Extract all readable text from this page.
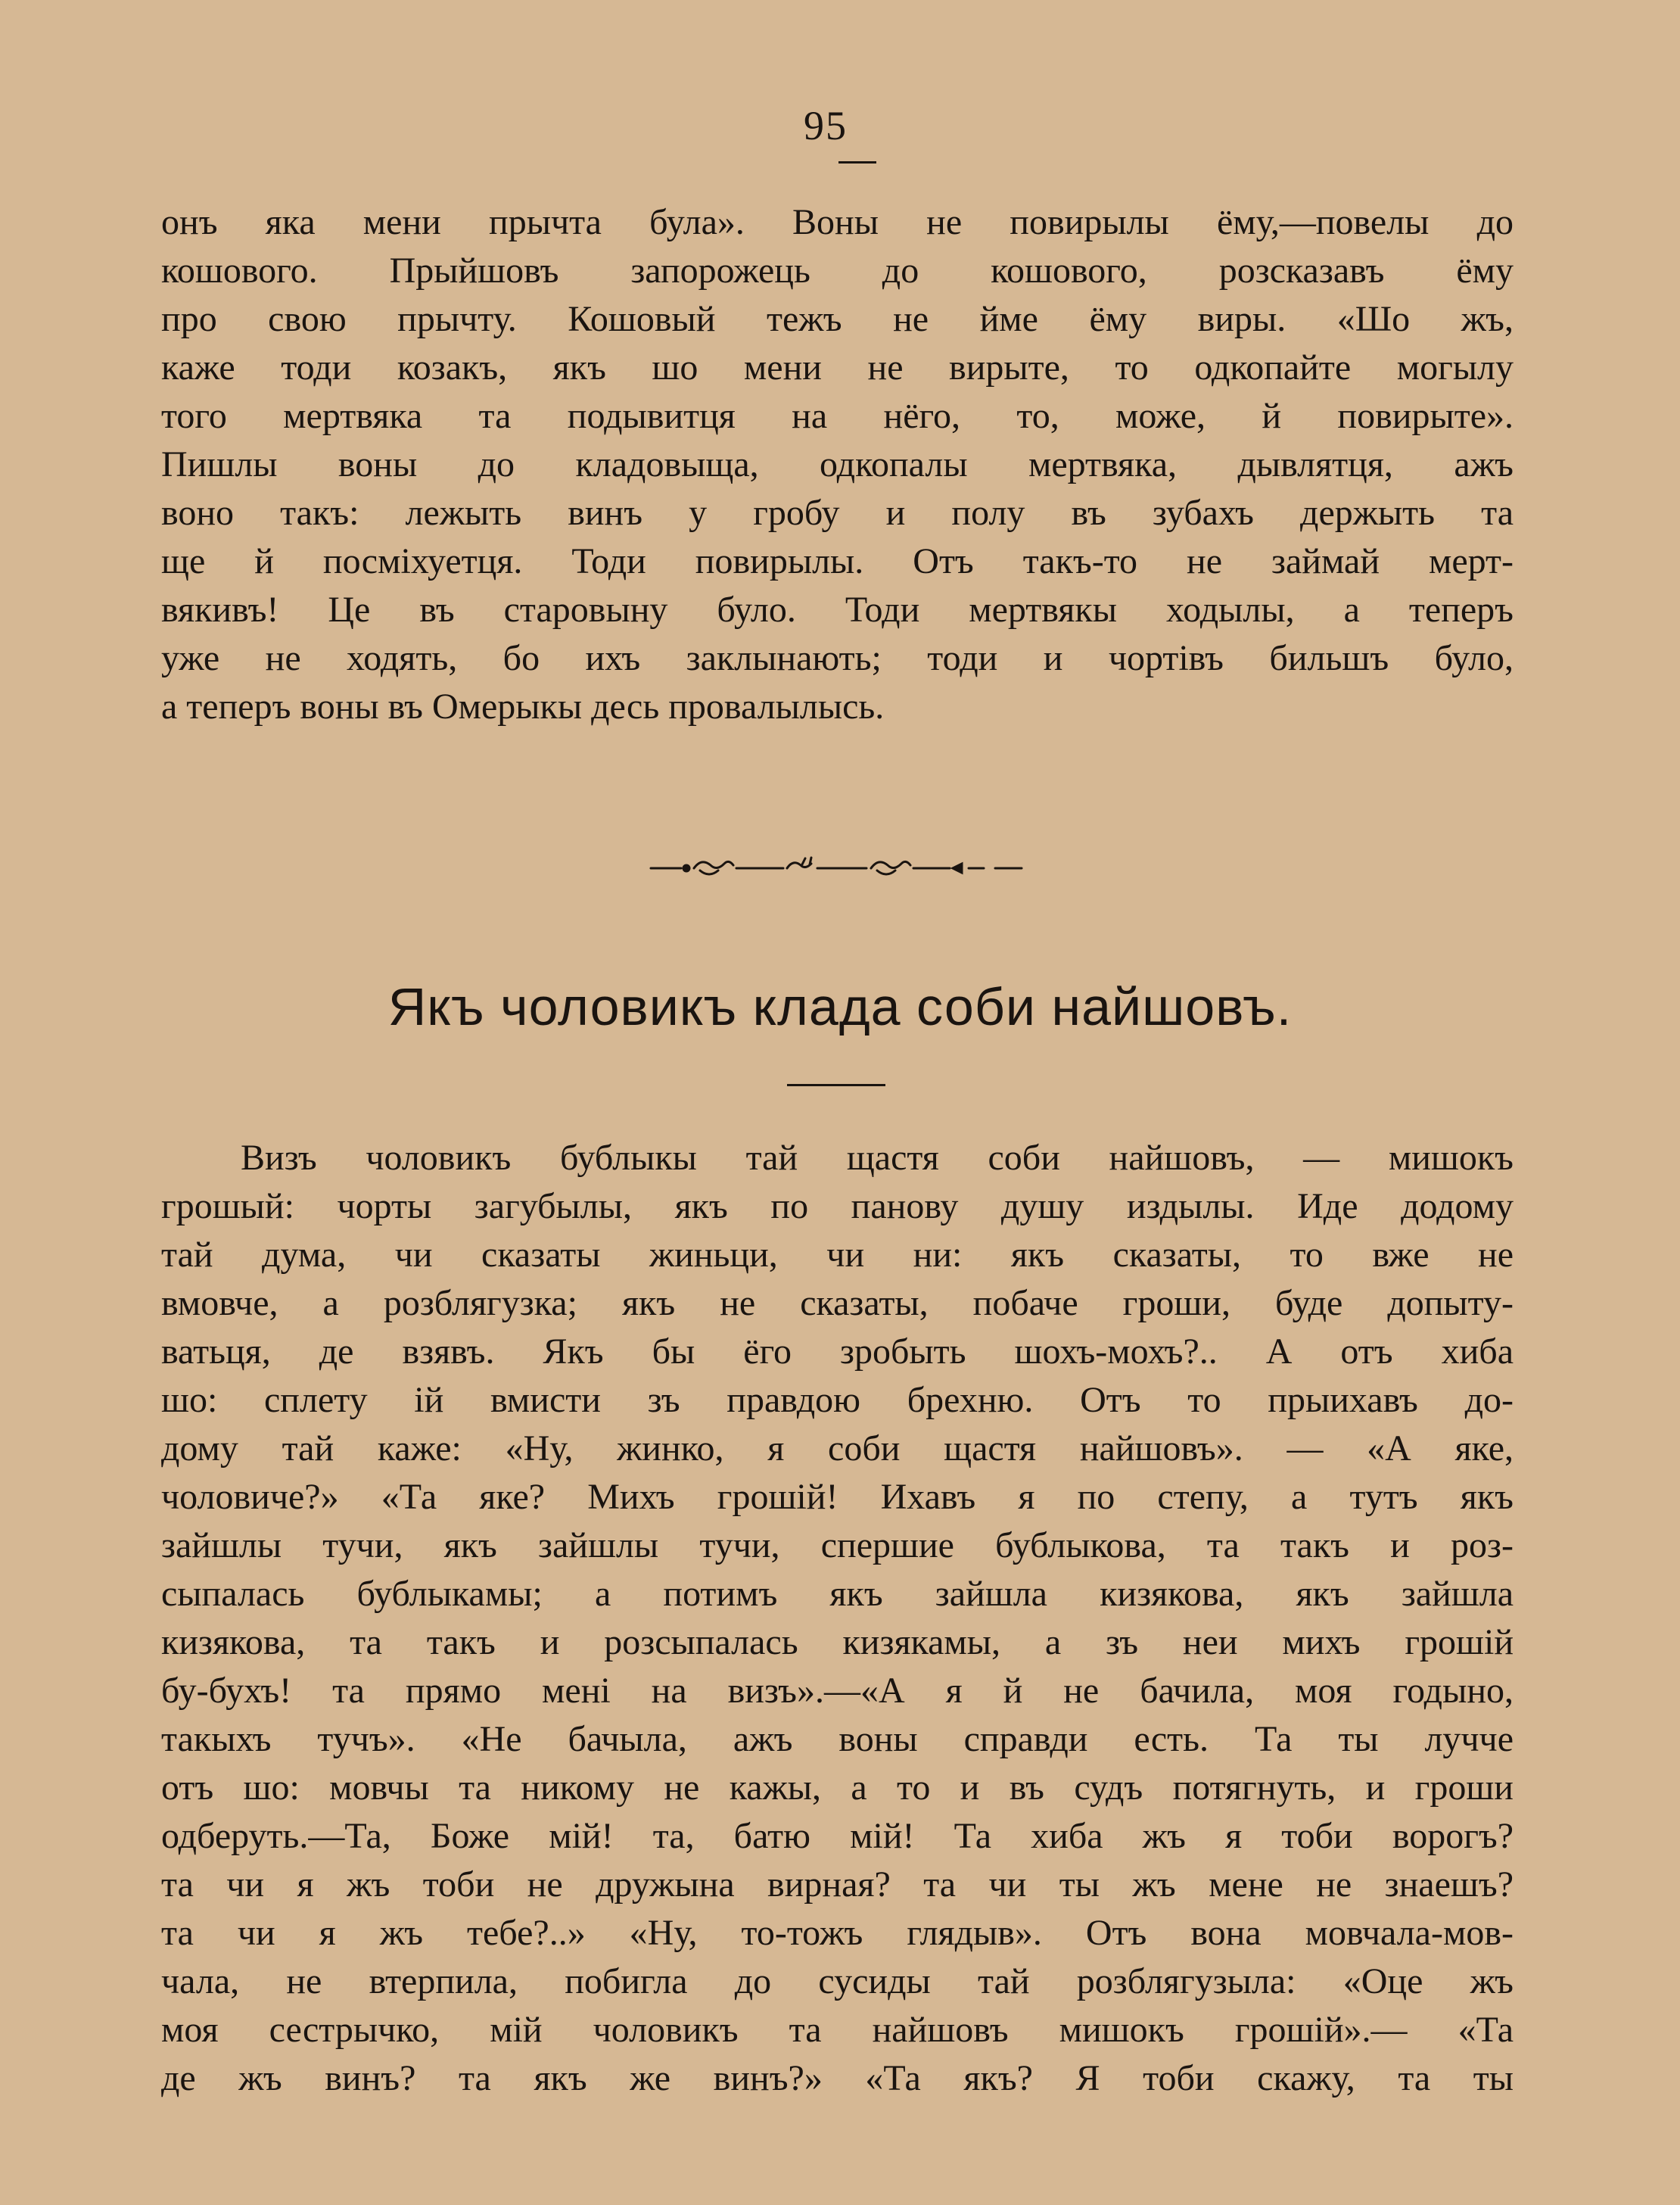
95
онъ яка мени прычта була». Воны не повирылы ёму,—повелы до
кошового. Прыйшовъ запорожець до кошового, розсказавъ ёму
про свою прычту. Кошовый тежъ не йме ёму виры. «Шо жъ,
каже тоди козакъ, якъ шо мени не вирыте, то одкопайте могылу
того мертвяка та подывитця на нёго, то, може, й повирыте».
Пишлы воны до кладовыща, одкопалы мертвяка, дывлятця, ажъ
воно такъ: лежыть винъ у гробу и полу въ зубахъ держыть та
ще й посміхуетця. Тоди повирылы. Отъ такъ-то не займай мерт-
вякивъ! Це въ старовыну було. Тоди мертвякы ходылы, а теперъ
уже не ходять, бо ихъ заклынають; тоди и чортівъ бильшъ було,
а теперъ воны въ Омерыкы десь провалылысь.
Якъ чоловикъ клада соби найшовъ.
Визъ чоловикъ бублыкы тай щастя соби найшовъ, — мишокъ
грошый: чорты загубылы, якъ по панову душу издылы. Иде додому
тай дума, чи сказаты жиньци, чи ни: якъ сказаты, то вже не
вмовче, а розблягузка; якъ не сказаты, побаче гроши, буде допыту-
ватьця, де взявъ. Якъ бы ёго зробыть шохъ-мохъ?.. А отъ хиба
шо: сплету ій вмисти зъ правдою брехню. Отъ то прыихавъ до-
дому тай каже: «Ну, жинко, я соби щастя найшовъ». — «А яке,
чоловиче?» «Та яке? Михъ грошій! Ихавъ я по степу, а тутъ якъ
зайшлы тучи, якъ зайшлы тучи, спершие бублыкова, та такъ и роз-
сыпалась бублыкамы; а потимъ якъ зайшла кизякова, якъ зайшла
кизякова, та такъ и розсыпалась кизякамы, а зъ неи михъ грошій
бу-бухъ! та прямо мені на визъ».—«А я й не бачила, моя годыно,
такыхъ тучъ». «Не бачыла, ажъ воны справди есть. Та ты лучче
отъ шо: мовчы та никому не кажы, а то и въ судъ потягнуть, и гроши
одберуть.—Та, Боже мій! та, батю мій! Та хиба жъ я тоби ворогъ?
та чи я жъ тоби не дружына вирная? та чи ты жъ мене не знаешъ?
та чи я жъ тебе?..» «Ну, то-тожъ глядыв». Отъ вона мовчала-мов-
чала, не втерпила, побигла до сусиды тай розблягузыла: «Оце жъ
моя сестрычко, мій чоловикъ та найшовъ мишокъ грошій».— «Та
де жъ винъ? та якъ же винъ?» «Та якъ? Я тоби скажу, та ты
